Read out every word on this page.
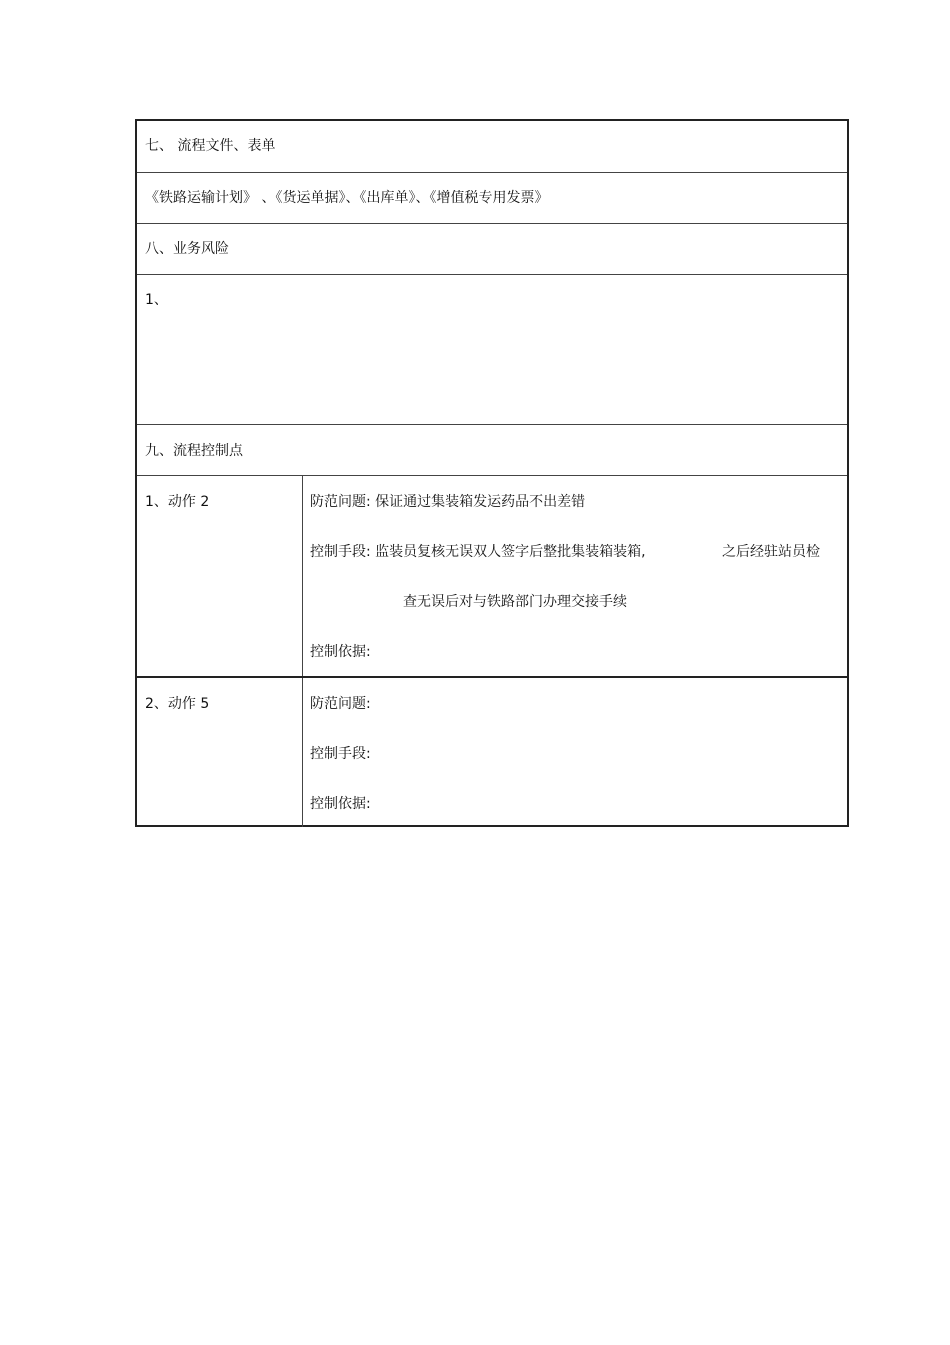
七、 流程文件、表单
《铁路运输计划》 、《货运单据》、《出库单》、《增值税专用发票》
八、业务风险
1、
九、流程控制点
1、动作 2	防范问题: 保证通过集装箱发运药品不出差错
控制手段: 监装员复核无误双人签字后整批集装箱装箱,	之后经驻站员检
查无误后对与铁路部门办理交接手续
控制依据:
2、动作 5	防范问题:
控制手段:
控制依据:
